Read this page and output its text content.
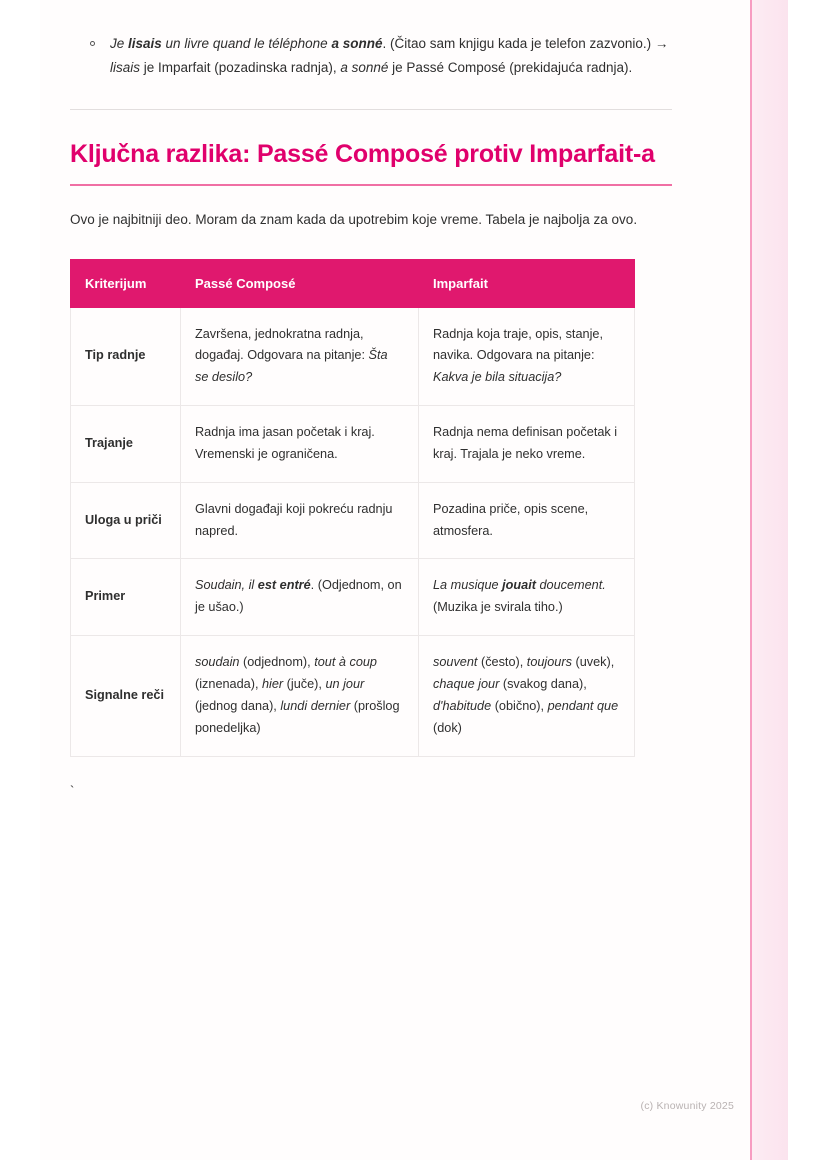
Je lisais un livre quand le téléphone a sonné. (Čitao sam knjigu kada je telefon zazvonio.) → lisais je Imparfait (pozadinska radnja), a sonné je Passé Composé (prekidajuća radnja).
Ključna razlika: Passé Composé protiv Imparfait-a

Ovo je najbitniji deo. Moram da znam kada da upotrebim koje vreme. Tabela je najbolja za ovo.

Kriterijum	Passé Composé	Imparfait
Tip radnje	Završena, jednokratna radnja, događaj. Odgovara na pitanje: Šta se desilo?	Radnja koja traje, opis, stanje, navika. Odgovara na pitanje: Kakva je bila situacija?
Trajanje	Radnja ima jasan početak i kraj. Vremenski je ograničena.	Radnja nema definisan početak i kraj. Trajala je neko vreme.
Uloga u priči	Glavni događaji koji pokreću radnju napred.	Pozadina priče, opis scene, atmosfera.
Primer	Soudain, il est entré. (Odjednom, on je ušao.)	La musique jouait doucement. (Muzika je svirala tiho.)
Signalne reči	soudain (odjednom), tout à coup (iznenada), hier (juče), un jour (jednog dana), lundi dernier (prošlog ponedeljka)	souvent (često), toujours (uvek), chaque jour (svakog dana), d'habitude (obično), pendant que (dok)

`

(c) Knowunity 2025
